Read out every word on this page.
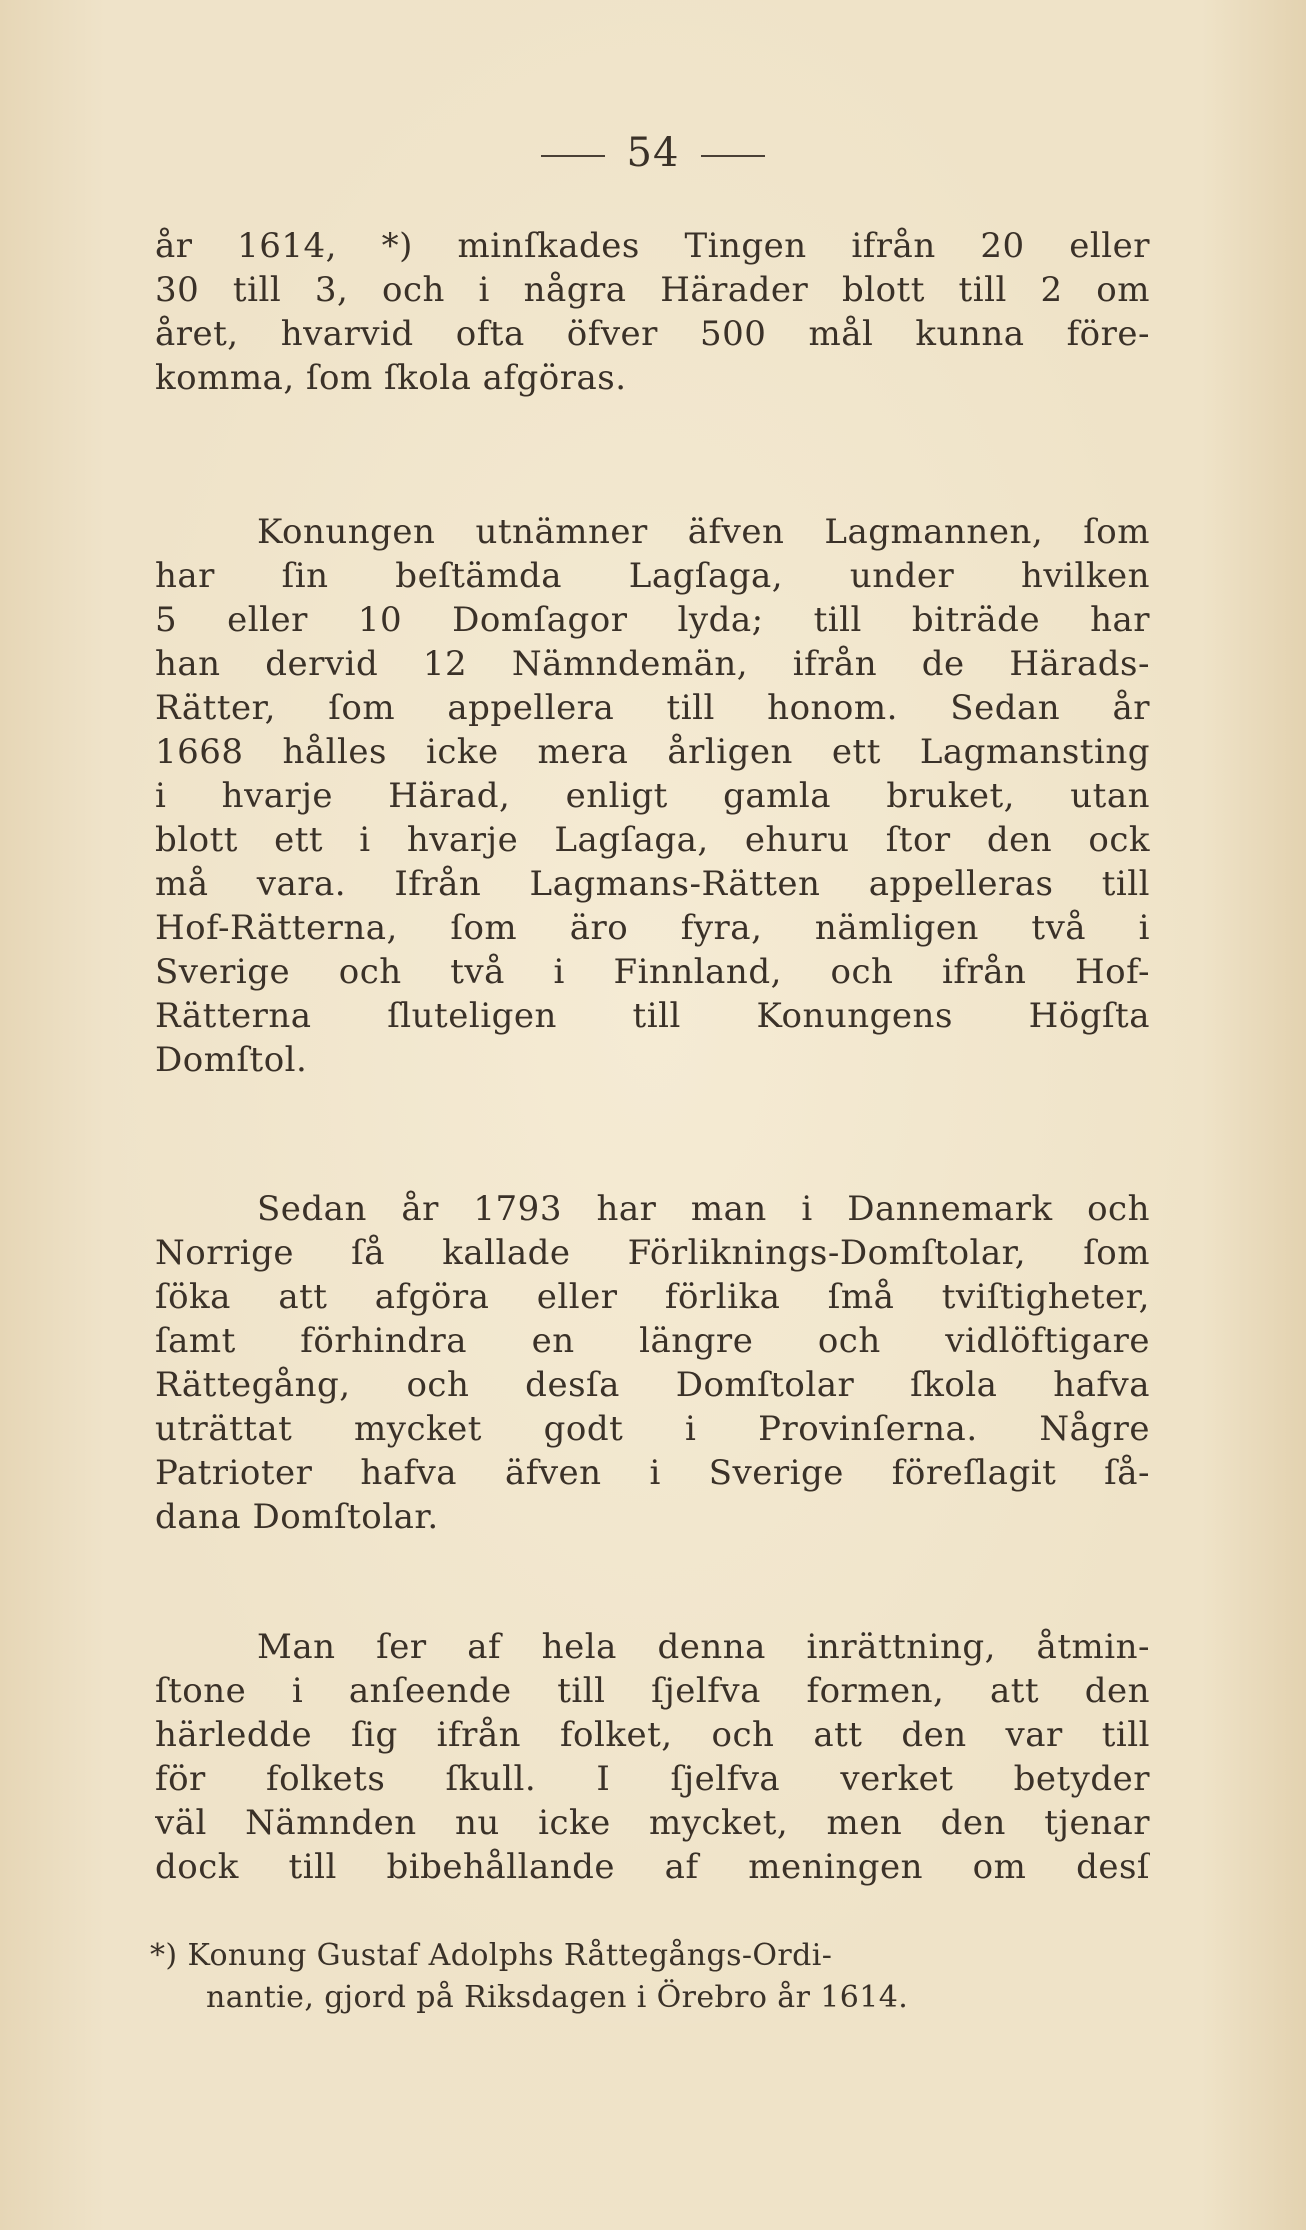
54
år 1614, *) minſkades Tingen ifrån 20 eller
30 till 3, och i några Härader blott till 2 om
året, hvarvid ofta öfver 500 mål kunna före-
komma, ſom ſkola afgöras.
Konungen utnämner äfven Lagmannen, ſom
har ſin beſtämda Lagſaga, under hvilken
5 eller 10 Domſagor lyda; till biträde har
han dervid 12 Nämndemän, ifrån de Härads-
Rätter, ſom appellera till honom. Sedan år
1668 hålles icke mera årligen ett Lagmansting
i hvarje Härad, enligt gamla bruket, utan
blott ett i hvarje Lagſaga, ehuru ſtor den ock
må vara. Ifrån Lagmans-Rätten appelleras till
Hof-Rätterna, ſom äro fyra, nämligen två i
Sverige och två i Finnland, och ifrån Hof-
Rätterna ſluteligen till Konungens Högſta
Domſtol.
Sedan år 1793 har man i Dannemark och
Norrige ſå kallade Förliknings-Domſtolar, ſom
ſöka att afgöra eller förlika ſmå tviſtigheter,
ſamt förhindra en längre och vidlöftigare
Rättegång, och desſa Domſtolar ſkola hafva
uträttat mycket godt i Provinſerna. Någre
Patrioter hafva äfven i Sverige föreſlagit ſå-
dana Domſtolar.
Man ſer af hela denna inrättning, åtmin-
ſtone i anſeende till ſjelfva formen, att den
härledde ſig ifrån folket, och att den var till
för folkets ſkull. I ſjelfva verket betyder
väl Nämnden nu icke mycket, men den tjenar
dock till bibehållande af meningen om desſ
*) Konung Gustaf Adolphs Råttegångs-Ordi-
nantie, gjord på Riksdagen i Örebro år 1614.
